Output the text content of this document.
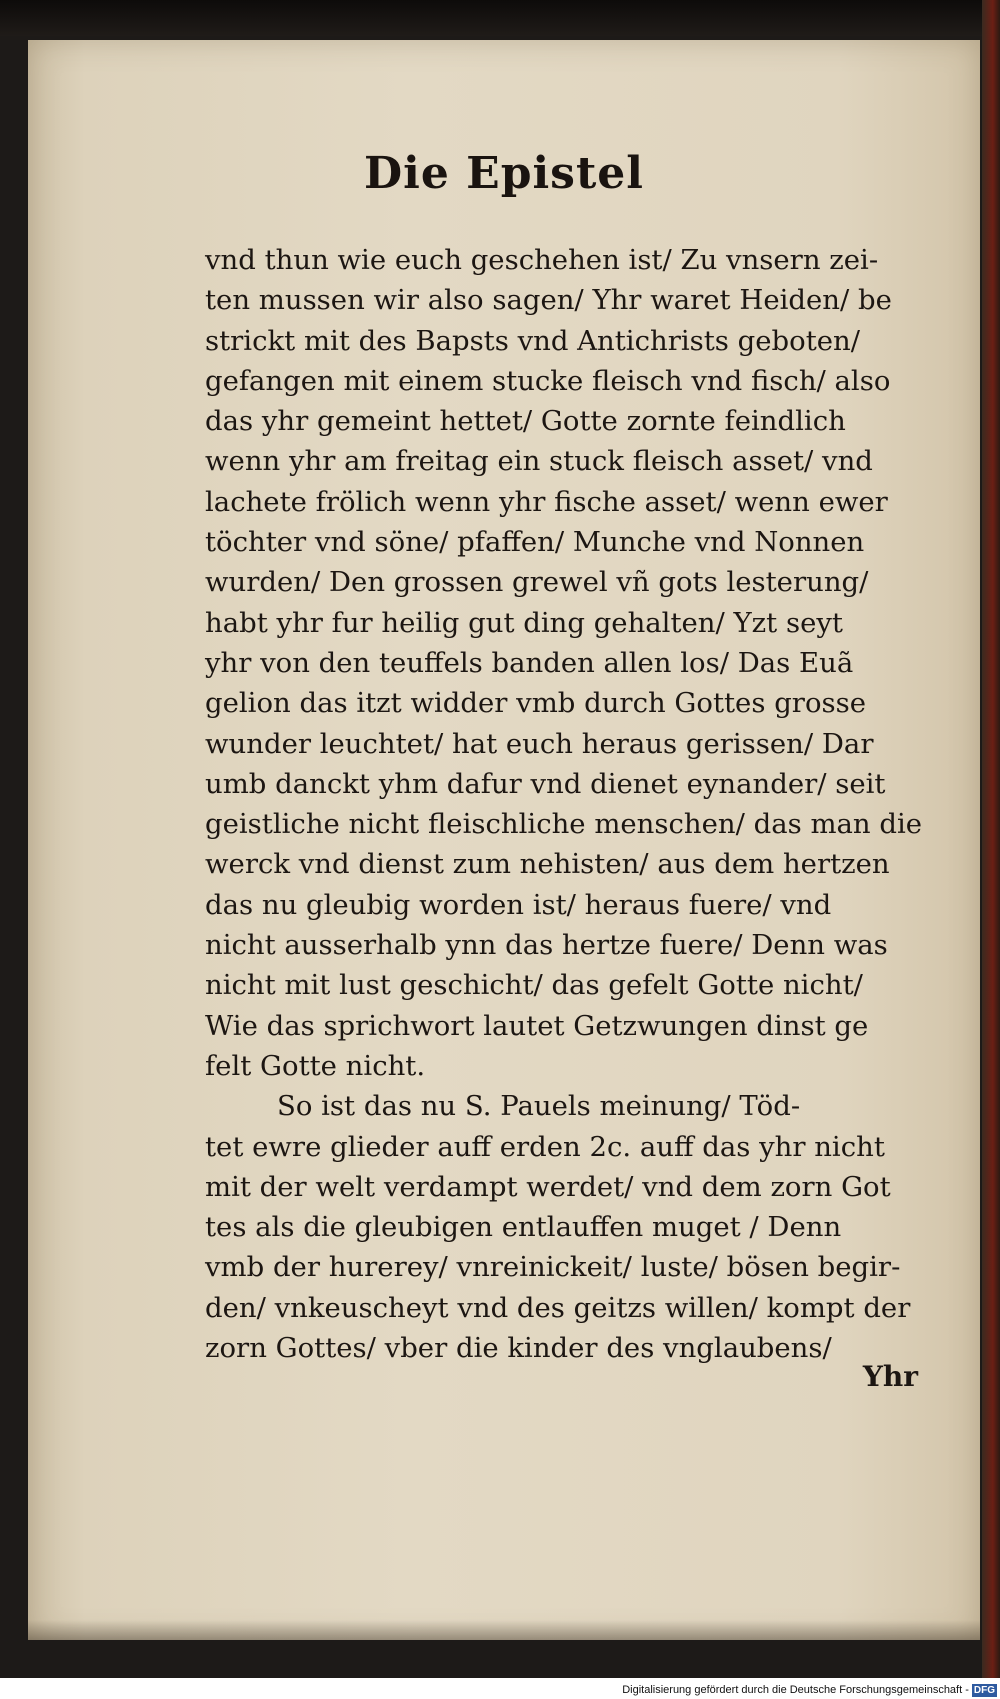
Die Epistel
vnd thun wie euch geschehen ist/ Zu vnsern zei-
ten mussen wir also sagen/ Yhr waret Heiden/ be
strickt mit des Bapsts vnd Antichrists geboten/
gefangen mit einem stucke fleisch vnd fisch/ also
das yhr gemeint hettet/ Gotte zornte feindlich
wenn yhr am freitag ein stuck fleisch asset/ vnd
lachete frölich wenn yhr fische asset/ wenn ewer
töchter vnd söne/ pfaffen/ Munche vnd Nonnen
wurden/ Den grossen grewel vñ gots lesterung/
habt yhr fur heilig gut ding gehalten/ Yzt seyt
yhr von den teuffels banden allen los/ Das Euã
gelion das itzt widder vmb durch Gottes grosse
wunder leuchtet/ hat euch heraus gerissen/ Dar
umb danckt yhm dafur vnd dienet eynander/ seit
geistliche nicht fleischliche menschen/ das man die
werck vnd dienst zum nehisten/ aus dem hertzen
das nu gleubig worden ist/ heraus fuere/ vnd
nicht ausserhalb ynn das hertze fuere/ Denn was
nicht mit lust geschicht/ das gefelt Gotte nicht/
Wie das sprichwort lautet Getzwungen dinst ge
felt Gotte nicht.
So ist das nu S. Pauels meinung/ Töd-
tet ewre glieder auff erden 2c. auff das yhr nicht
mit der welt verdampt werdet/ vnd dem zorn Got
tes als die gleubigen entlauffen muget / Denn
vmb der hurerey/ vnreinickeit/ luste/ bösen begir-
den/ vnkeuscheyt vnd des geitzs willen/ kompt der
zorn Gottes/ vber die kinder des vnglaubens/
Yhr
Digitalisierung gefördert durch die Deutsche Forschungsgemeinschaft - DFG
